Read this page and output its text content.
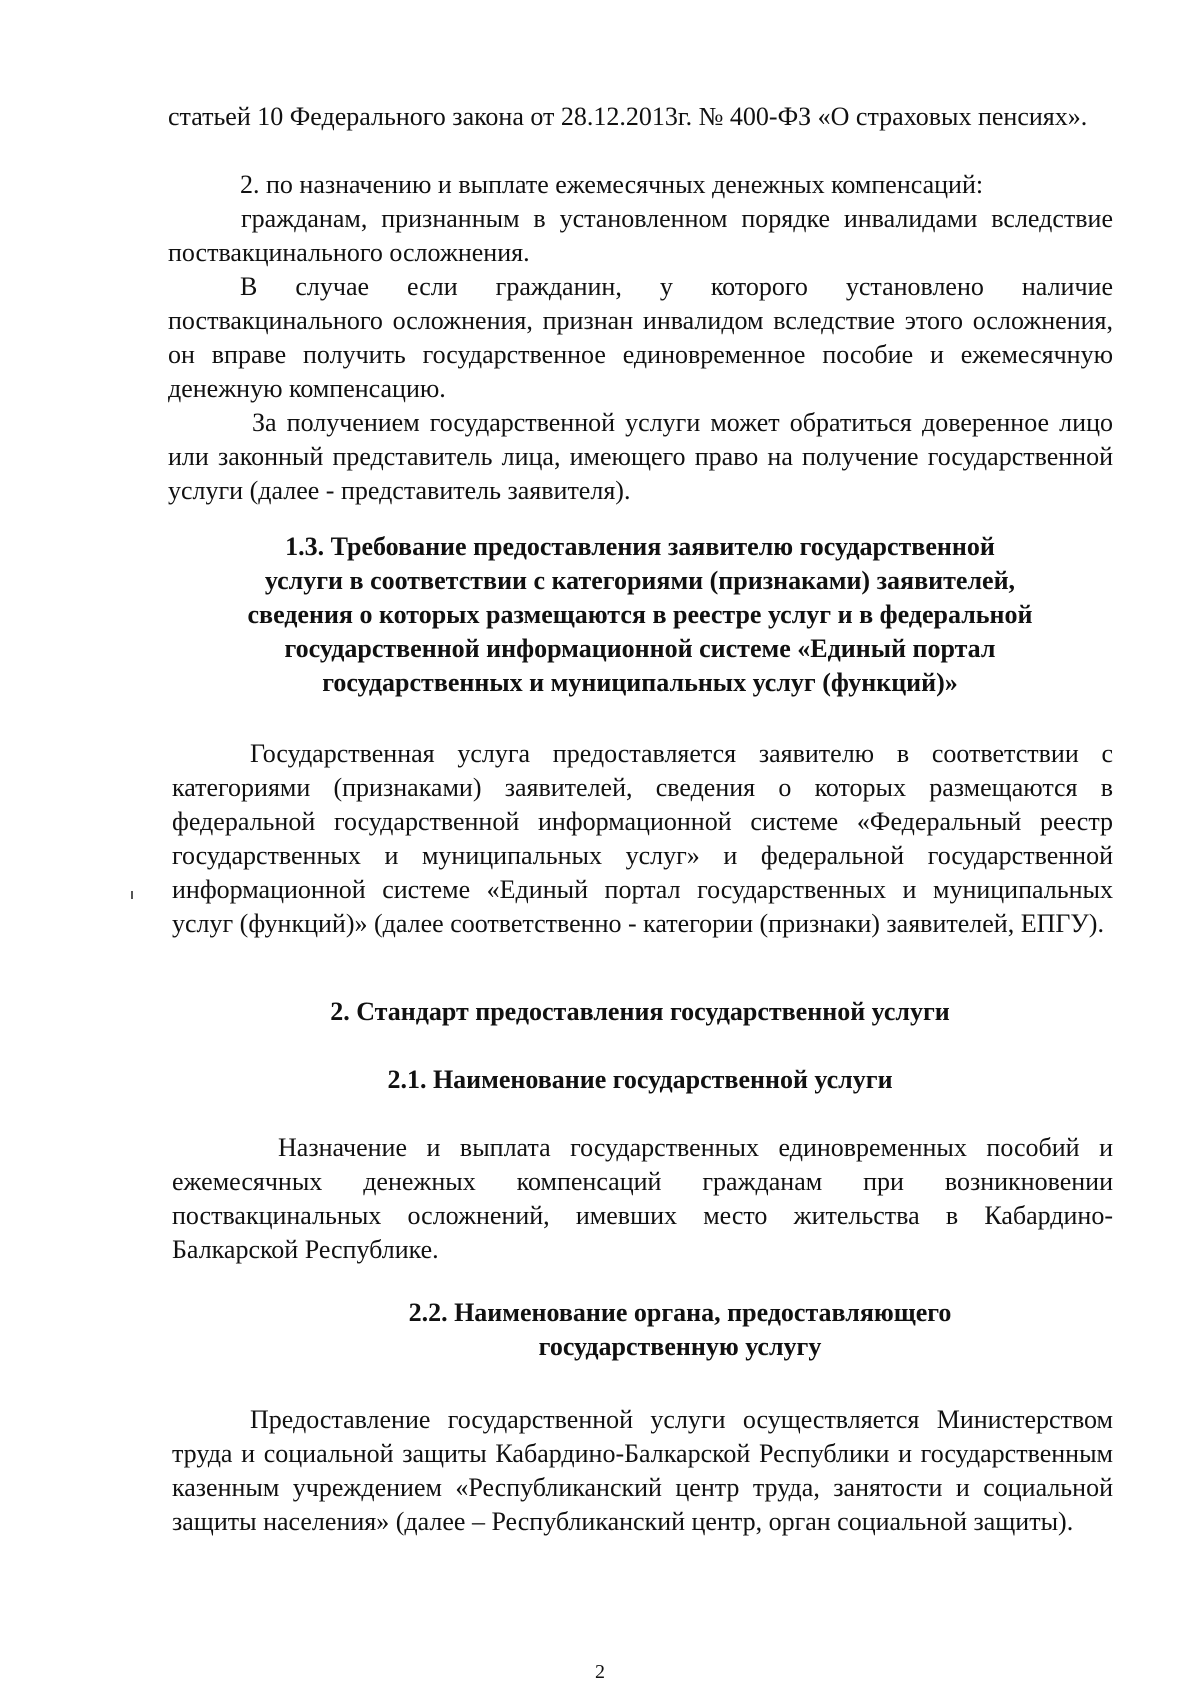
статьей 10 Федерального закона от 28.12.2013г. № 400-ФЗ «О страховых пенсиях».

2. по назначению и выплате ежемесячных денежных компенсаций:

гражданам, признанным в установленном порядке инвалидами вследствие поствакцинального осложнения.

В случае если гражданин, у которого установлено наличие поствакцинального осложнения, признан инвалидом вследствие этого осложнения, он вправе получить государственное единовременное пособие и ежемесячную денежную компенсацию.

За получением государственной услуги может обратиться доверенное лицо или законный представитель лица, имеющего право на получение государственной услуги (далее - представитель заявителя).

1.3. Требование предоставления заявителю государственной
услуги в соответствии с категориями (признаками) заявителей,
сведения о которых размещаются в реестре услуг и в федеральной
государственной информационной системе «Единый портал
государственных и муниципальных услуг (функций)»

Государственная услуга предоставляется заявителю в соответствии с категориями (признаками) заявителей, сведения о которых размещаются в федеральной государственной информационной системе «Федеральный реестр государственных и муниципальных услуг» и федеральной государственной информационной системе «Единый портал государственных и муниципальных услуг (функций)» (далее соответственно - категории (признаки) заявителей, ЕПГУ).

2. Стандарт предоставления государственной услуги
2.1. Наименование государственной услуги

Назначение и выплата государственных единовременных пособий и ежемесячных денежных компенсаций гражданам при возникновении поствакцинальных осложнений, имевших место жительства в Кабардино-Балкарской Республике.

2.2. Наименование органа, предоставляющего
государственную услугу

Предоставление государственной услуги осуществляется Министерством труда и социальной защиты Кабардино-Балкарской Республики и государственным казенным учреждением «Республиканский центр труда, занятости и социальной защиты населения» (далее – Республиканский центр, орган социальной защиты).

2
